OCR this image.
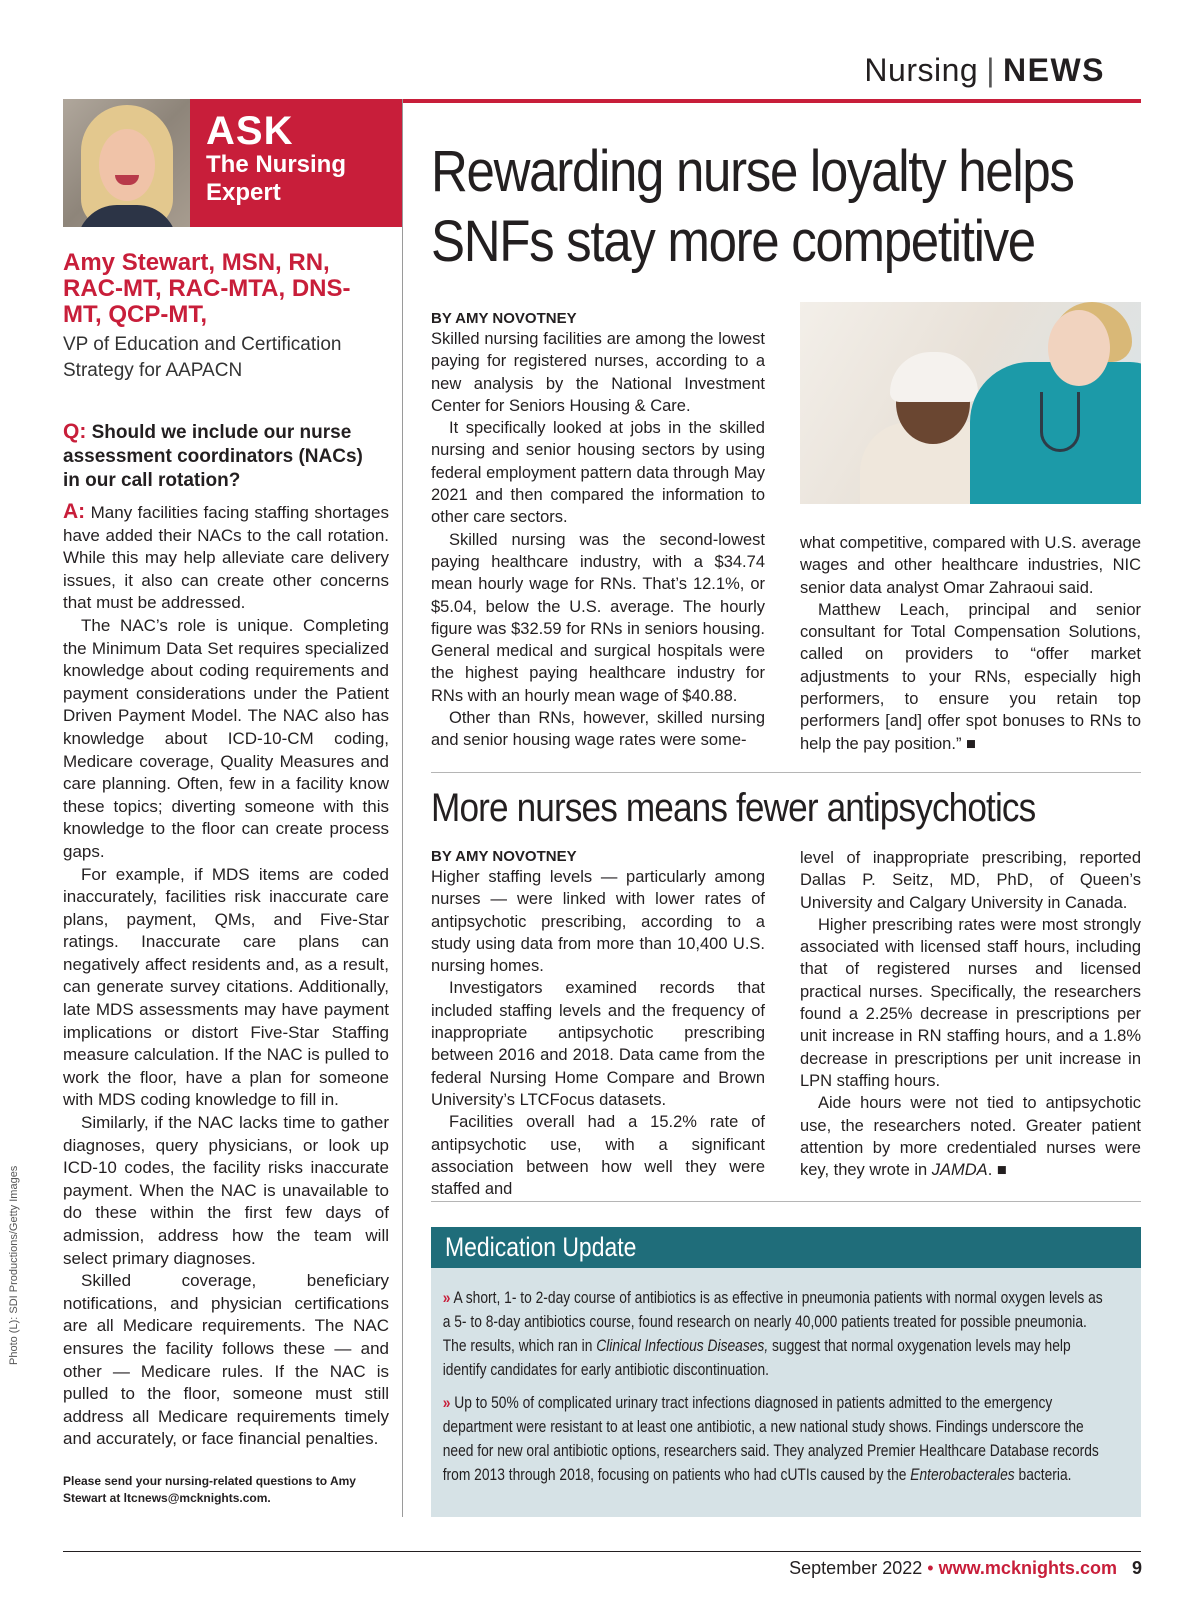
Nursing | NEWS
ASK
The Nursing
Expert
Amy Stewart, MSN, RN, RAC-MT, RAC-MTA, DNS-MT, QCP-MT,
VP of Education and Certification Strategy for AAPACN
Q: Should we include our nurse assessment coordinators (NACs) in our call rotation?

A: Many facilities facing staffing shortages have added their NACs to the call rotation. While this may help alleviate care delivery issues, it also can create other concerns that must be addressed.

The NAC’s role is unique. Completing the Minimum Data Set requires specialized knowledge about coding requirements and payment considerations under the Patient Driven Payment Model. The NAC also has knowledge about ICD-10-CM coding, Medicare coverage, Quality Measures and care planning. Often, few in a facility know these topics; diverting someone with this knowledge to the floor can create process gaps.

For example, if MDS items are coded inaccurately, facilities risk inaccurate care plans, payment, QMs, and Five-Star ratings. Inaccurate care plans can negatively affect residents and, as a result, can generate survey citations. Additionally, late MDS assessments may have payment implications or distort Five-Star Staffing measure calculation. If the NAC is pulled to work the floor, have a plan for someone with MDS coding knowledge to fill in.

Similarly, if the NAC lacks time to gather diagnoses, query physicians, or look up ICD-10 codes, the facility risks inaccurate payment. When the NAC is unavailable to do these within the first few days of admission, address how the team will select primary diagnoses.

Skilled coverage, beneficiary notifications, and physician certifications are all Medicare requirements. The NAC ensures the facility follows these — and other — Medicare rules. If the NAC is pulled to the floor, someone must still address all Medicare requirements timely and accurately, or face financial penalties.

Please send your nursing-related questions to Amy Stewart at ltcnews@mcknights.com.
Photo (L): SDI Productions/Getty Images
Rewarding nurse loyalty helps
SNFs stay more competitive
BY AMY NOVOTNEY

Skilled nursing facilities are among the lowest paying for registered nurses, according to a new analysis by the National Investment Center for Seniors Housing & Care.

It specifically looked at jobs in the skilled nursing and senior housing sectors by using federal employment pattern data through May 2021 and then compared the information to other care sectors.

Skilled nursing was the second-lowest paying healthcare industry, with a $34.74 mean hourly wage for RNs. That’s 12.1%, or $5.04, below the U.S. average. The hourly figure was $32.59 for RNs in seniors housing. General medical and surgical hospitals were the highest paying healthcare industry for RNs with an hourly mean wage of $40.88.

Other than RNs, however, skilled nursing and senior housing wage rates were some-

what competitive, compared with U.S. average wages and other healthcare industries, NIC senior data analyst Omar Zahraoui said.

Matthew Leach, principal and senior consultant for Total Compensation Solutions, called on providers to “offer market adjustments to your RNs, especially high performers, to ensure you retain top performers [and] offer spot bonuses to RNs to help the pay position.” ■

More nurses means fewer antipsychotics
BY AMY NOVOTNEY

Higher staffing levels — particularly among nurses — were linked with lower rates of antipsychotic prescribing, according to a study using data from more than 10,400 U.S. nursing homes.

Investigators examined records that included staffing levels and the frequency of inappropriate antipsychotic prescribing between 2016 and 2018. Data came from the federal Nursing Home Compare and Brown University’s LTCFocus datasets.

Facilities overall had a 15.2% rate of antipsychotic use, with a significant association between how well they were staffed and

level of inappropriate prescribing, reported Dallas P. Seitz, MD, PhD, of Queen’s University and Calgary University in Canada.

Higher prescribing rates were most strongly associated with licensed staff hours, including that of registered nurses and licensed practical nurses. Specifically, the researchers found a 2.25% decrease in prescriptions per unit increase in RN staffing hours, and a 1.8% decrease in prescriptions per unit increase in LPN staffing hours.

Aide hours were not tied to antipsychotic use, the researchers noted. Greater patient attention by more credentialed nurses were key, they wrote in JAMDA. ■

Medication Update
» A short, 1- to 2-day course of antibiotics is as effective in pneumonia patients with normal oxygen levels as a 5- to 8-day antibiotics course, found research on nearly 40,000 patients treated for possible pneumonia. The results, which ran in Clinical Infectious Diseases, suggest that normal oxygenation levels may help identify candidates for early antibiotic discontinuation.
» Up to 50% of complicated urinary tract infections diagnosed in patients admitted to the emergency department were resistant to at least one antibiotic, a new national study shows. Findings underscore the need for new oral antibiotic options, researchers said. They analyzed Premier Healthcare Database records from 2013 through 2018, focusing on patients who had cUTIs caused by the Enterobacterales bacteria.
September 2022 • www.mcknights.com 9
